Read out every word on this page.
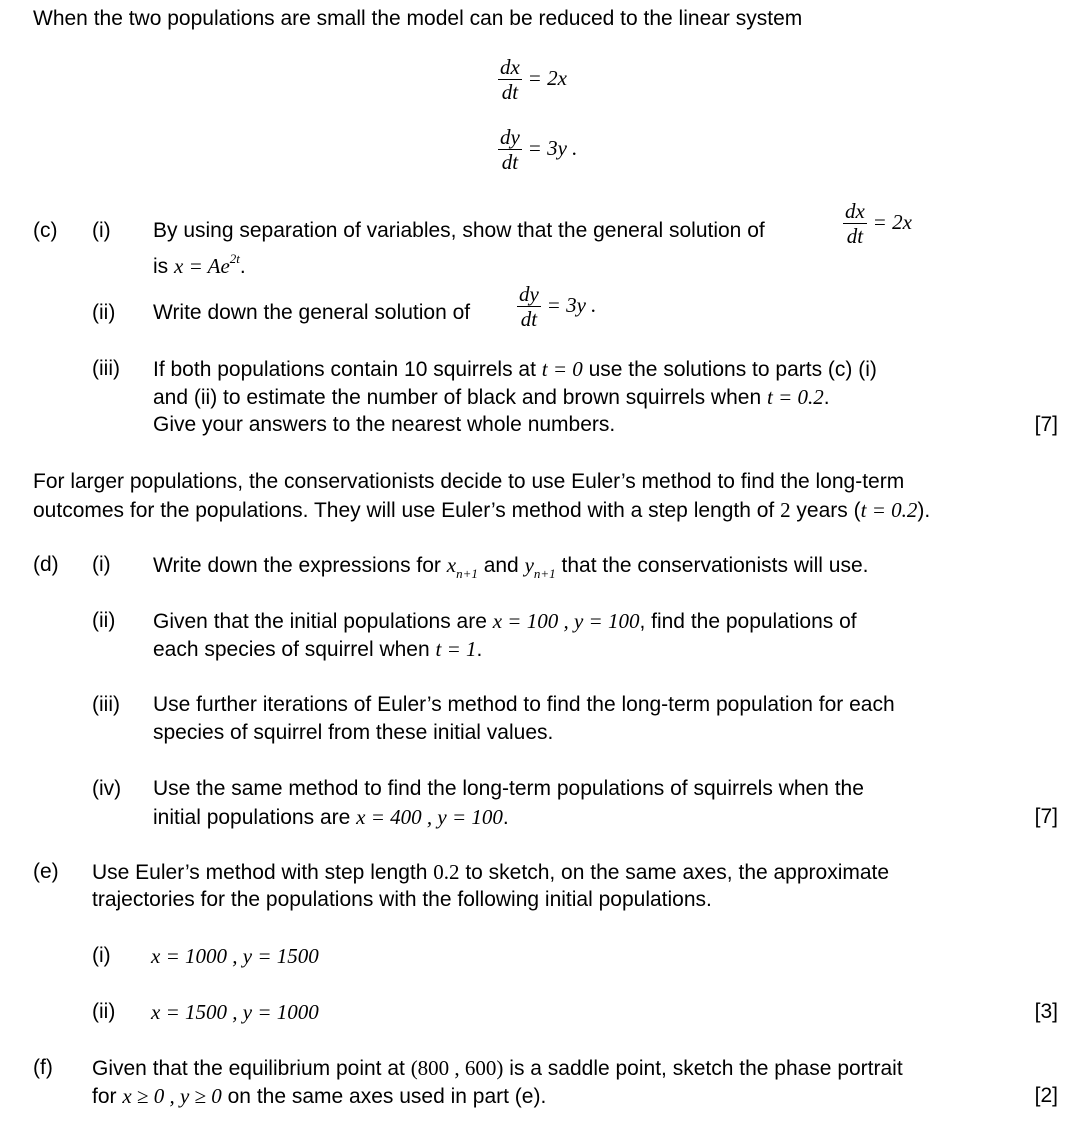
When the two populations are small the model can be reduced to the linear system
$\frac{dx}{dt} = 2x$
$\frac{dy}{dt} = 3y$ .
(c) (i) By using separation of variables, show that the general solution of	$\frac{dx}{dt} = 2x$
is $x = Ae^{2t}$.
(ii) Write down the general solution of $\frac{dy}{dt} = 3y$ .
(iii) If both populations contain 10 squirrels at t = 0 use the solutions to parts (c) (i)
and (ii) to estimate the number of black and brown squirrels when t = 0.2.
Give your answers to the nearest whole numbers.	[7]
For larger populations, the conservationists decide to use Euler’s method to find the long-term
outcomes for the populations. They will use Euler’s method with a step length of 2 years (t = 0.2).
(d) (i) Write down the expressions for $x_{n+1}$ and $y_{n+1}$ that the conservationists will use.
(ii) Given that the initial populations are x = 100 , y = 100, find the populations of
each species of squirrel when t = 1.
(iii) Use further iterations of Euler’s method to find the long-term population for each
species of squirrel from these initial values.
(iv) Use the same method to find the long-term populations of squirrels when the
initial populations are x = 400 , y = 100.	[7]
(e) Use Euler’s method with step length 0.2 to sketch, on the same axes, the approximate
trajectories for the populations with the following initial populations.
(i) x = 1000 , y = 1500
(ii) x = 1500 , y = 1000	[3]
(f) Given that the equilibrium point at (800 , 600) is a saddle point, sketch the phase portrait
for x ≥ 0 , y ≥ 0 on the same axes used in part (e).	[2]
